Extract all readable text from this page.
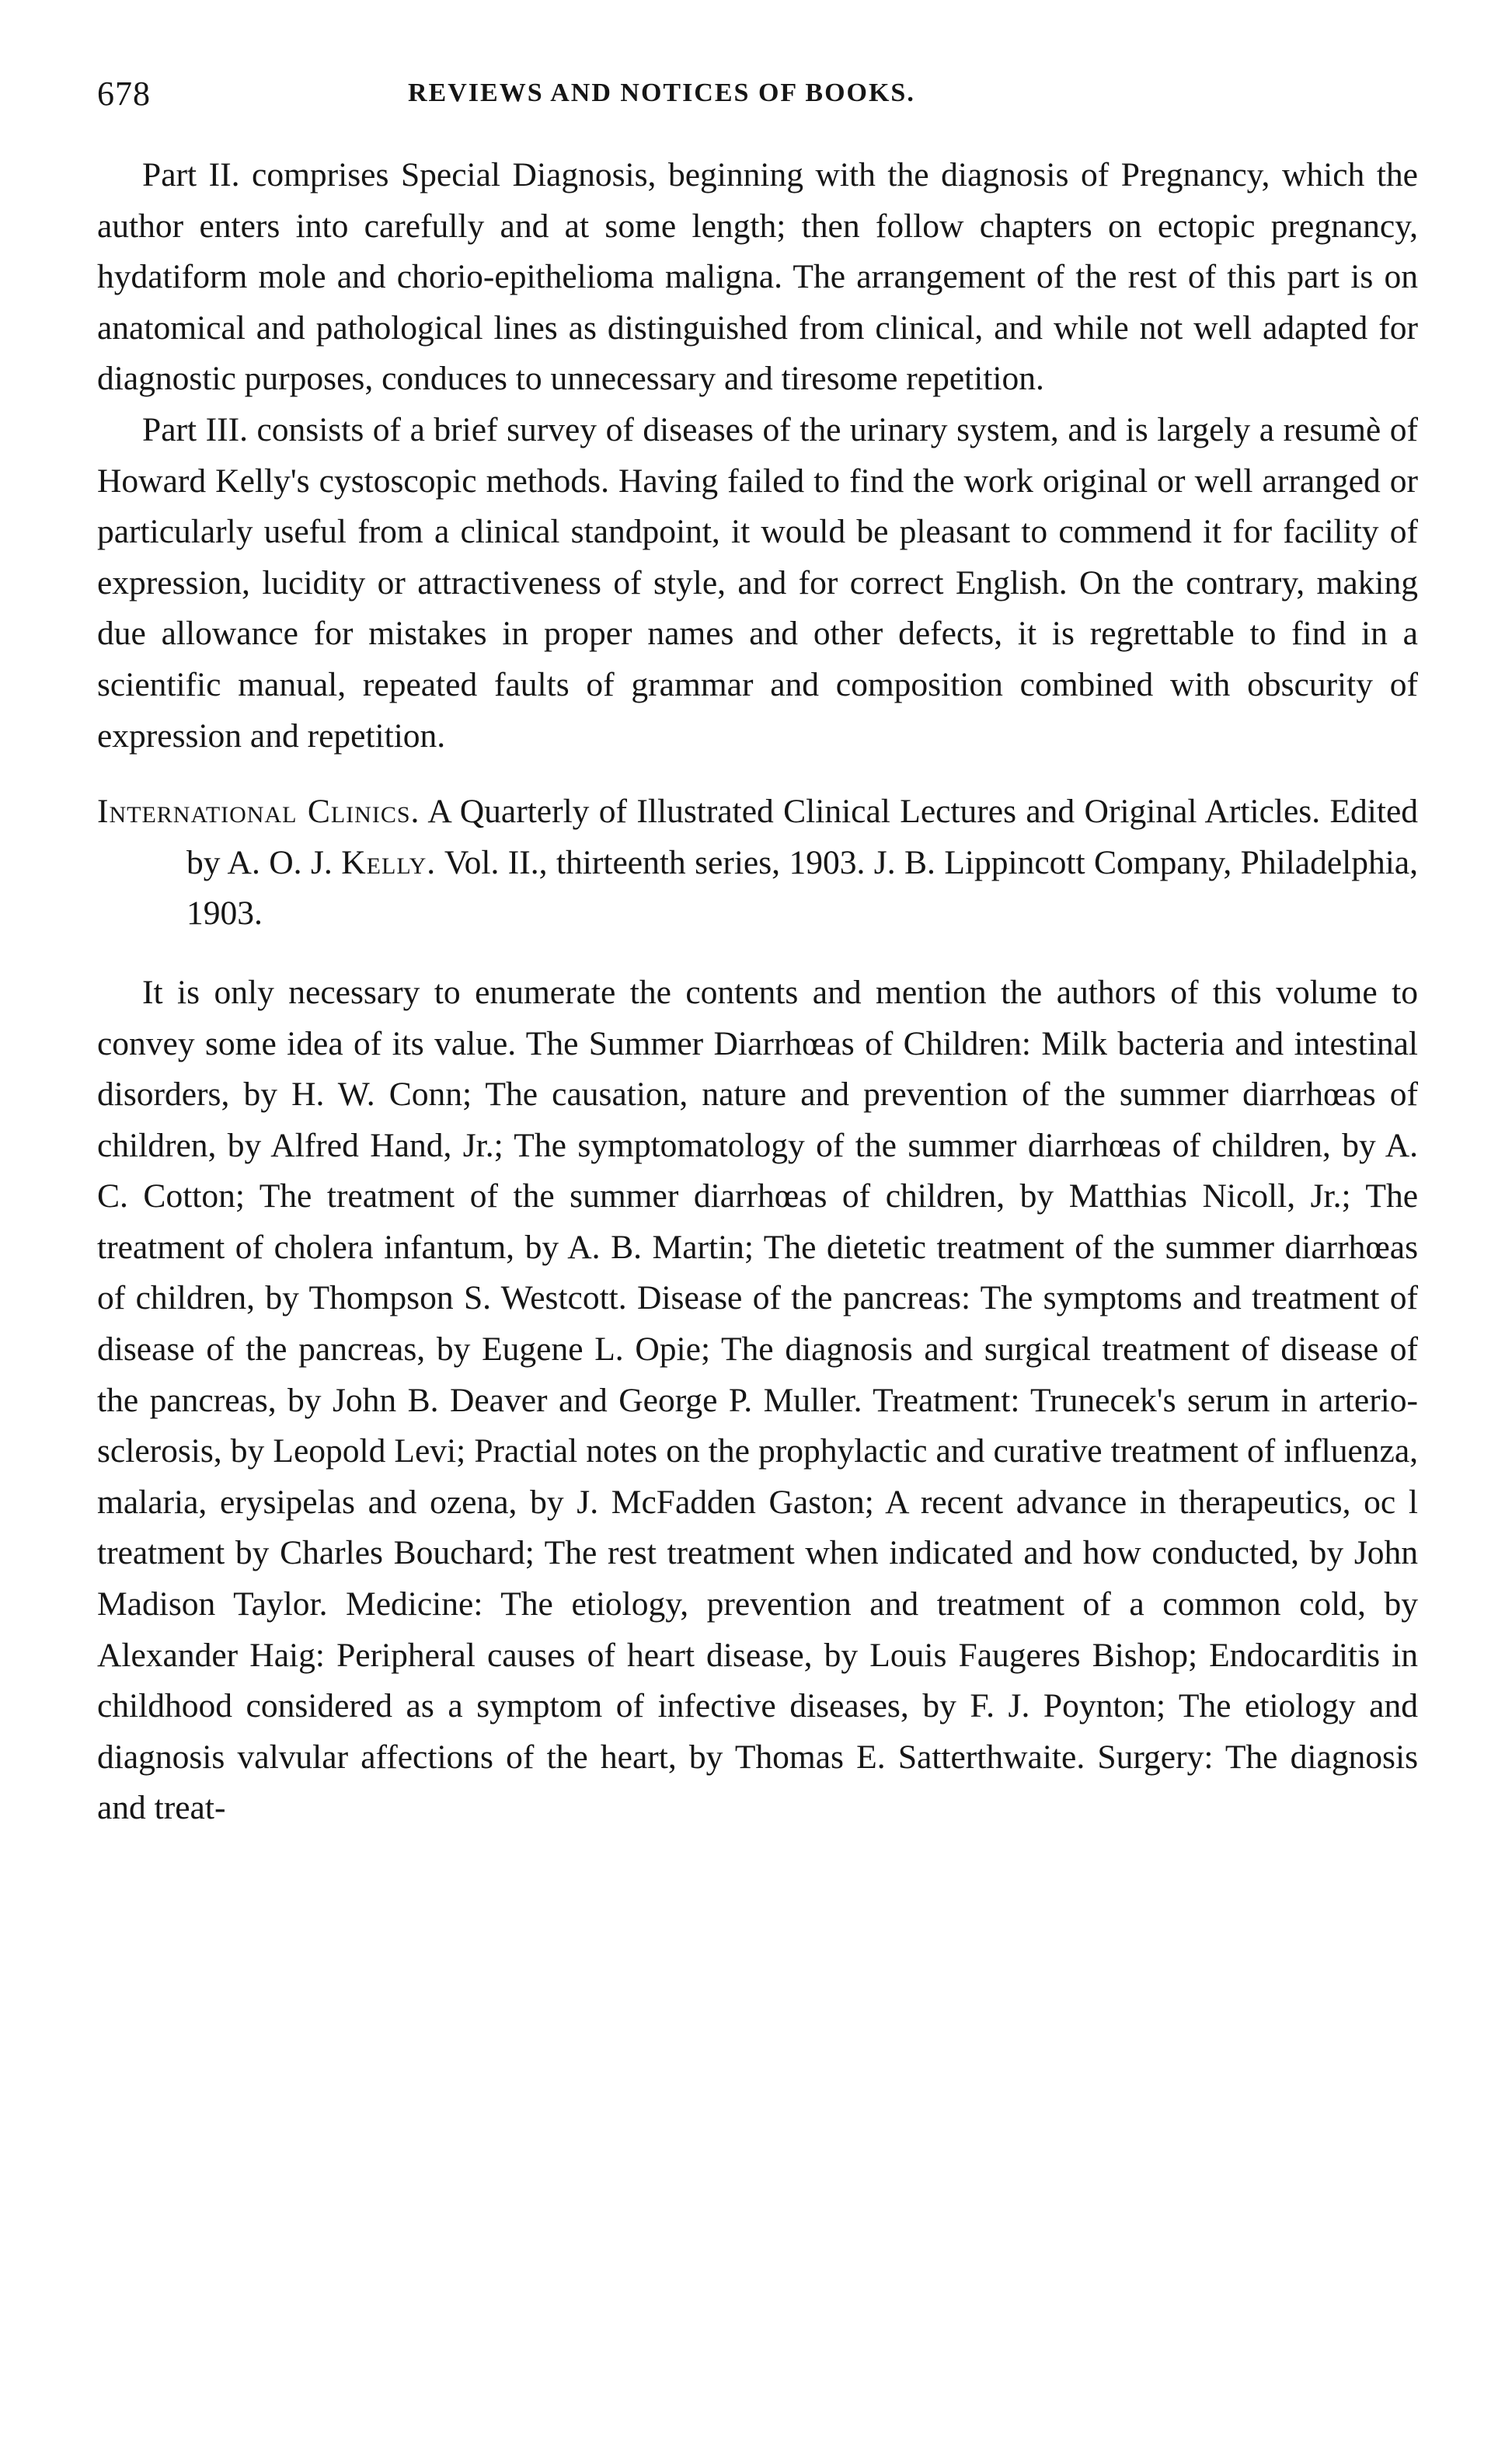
678	REVIEWS AND NOTICES OF BOOKS.

Part II. comprises Special Diagnosis, beginning with the diagnosis of Pregnancy, which the author enters into carefully and at some length; then follow chapters on ectopic pregnancy, hydatiform mole and chorio-epithelioma maligna. The arrangement of the rest of this part is on anatomical and pathological lines as distinguished from clinical, and while not well adapted for diagnostic purposes, conduces to unnecessary and tiresome repetition.

Part III. consists of a brief survey of diseases of the urinary system, and is largely a resumè of Howard Kelly's cystoscopic methods. Having failed to find the work original or well arranged or particularly useful from a clinical standpoint, it would be pleasant to commend it for facility of expression, lucidity or attractiveness of style, and for correct English. On the contrary, making due allowance for mistakes in proper names and other defects, it is regrettable to find in a scientific manual, repeated faults of grammar and composition combined with obscurity of expression and repetition.

International Clinics. A Quarterly of Illustrated Clinical Lectures and Original Articles. Edited by A. O. J. Kelly. Vol. II., thirteenth series, 1903. J. B. Lippincott Company, Philadelphia, 1903.

It is only necessary to enumerate the contents and mention the authors of this volume to convey some idea of its value. The Summer Diarrhœas of Children: Milk bacteria and intestinal disorders, by H. W. Conn; The causation, nature and prevention of the summer diarrhœas of children, by Alfred Hand, Jr.; The symptomatology of the summer diarrhœas of children, by A. C. Cotton; The treatment of the summer diarrhœas of children, by Matthias Nicoll, Jr.; The treatment of cholera infantum, by A. B. Martin; The dietetic treatment of the summer diarrhœas of children, by Thompson S. Westcott. Disease of the pancreas: The symptoms and treatment of disease of the pancreas, by Eugene L. Opie; The diagnosis and surgical treatment of disease of the pancreas, by John B. Deaver and George P. Muller. Treatment: Trunecek's serum in arterio-sclerosis, by Leopold Levi; Practial notes on the prophylactic and curative treatment of influenza, malaria, erysipelas and ozena, by J. McFadden Gaston; A recent advance in therapeutics, oc l treatment by Charles Bouchard; The rest treatment when indicated and how conducted, by John Madison Taylor. Medicine: The etiology, prevention and treatment of a common cold, by Alexander Haig: Peripheral causes of heart disease, by Louis Faugeres Bishop; Endocarditis in childhood considered as a symptom of infective diseases, by F. J. Poynton; The etiology and diagnosis valvular affections of the heart, by Thomas E. Satterthwaite. Surgery: The diagnosis and treat-
